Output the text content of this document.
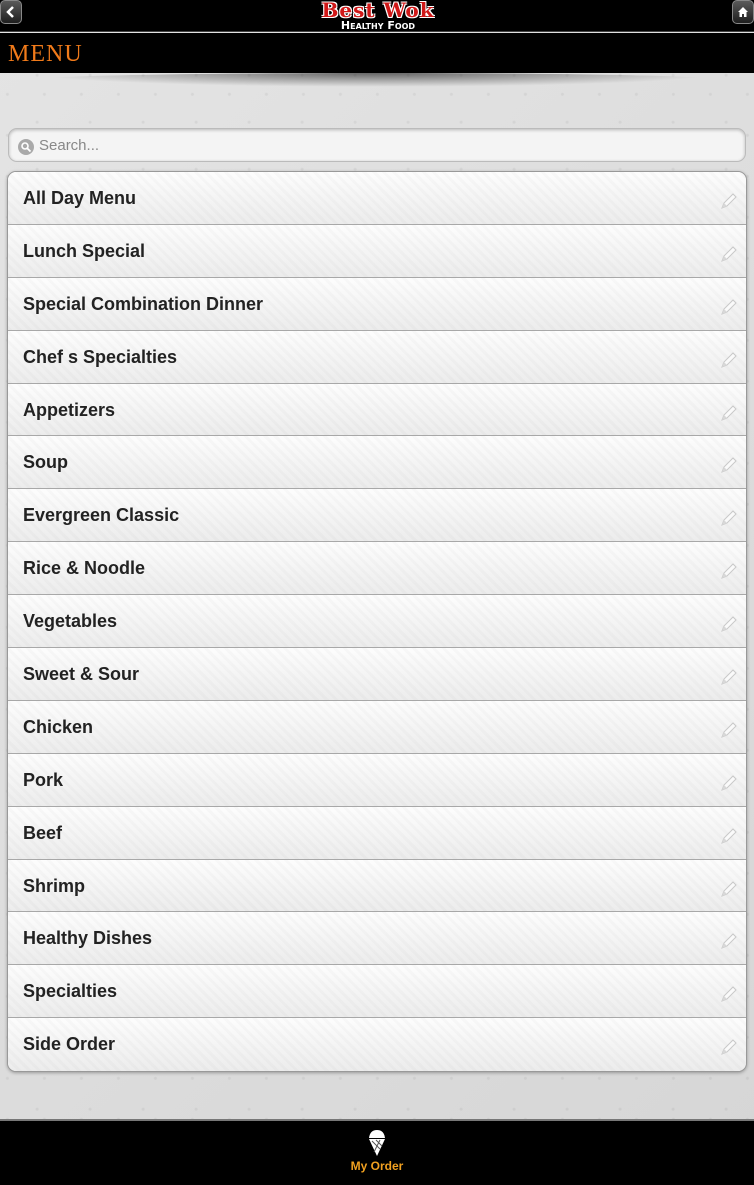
Best Wok
Healthy Food
MENU
Search...
All Day Menu
Lunch Special
Special Combination Dinner
Chef s Specialties
Appetizers
Soup
Evergreen Classic
Rice & Noodle
Vegetables
Sweet & Sour
Chicken
Pork
Beef
Shrimp
Healthy Dishes
Specialties
Side Order
My Order
